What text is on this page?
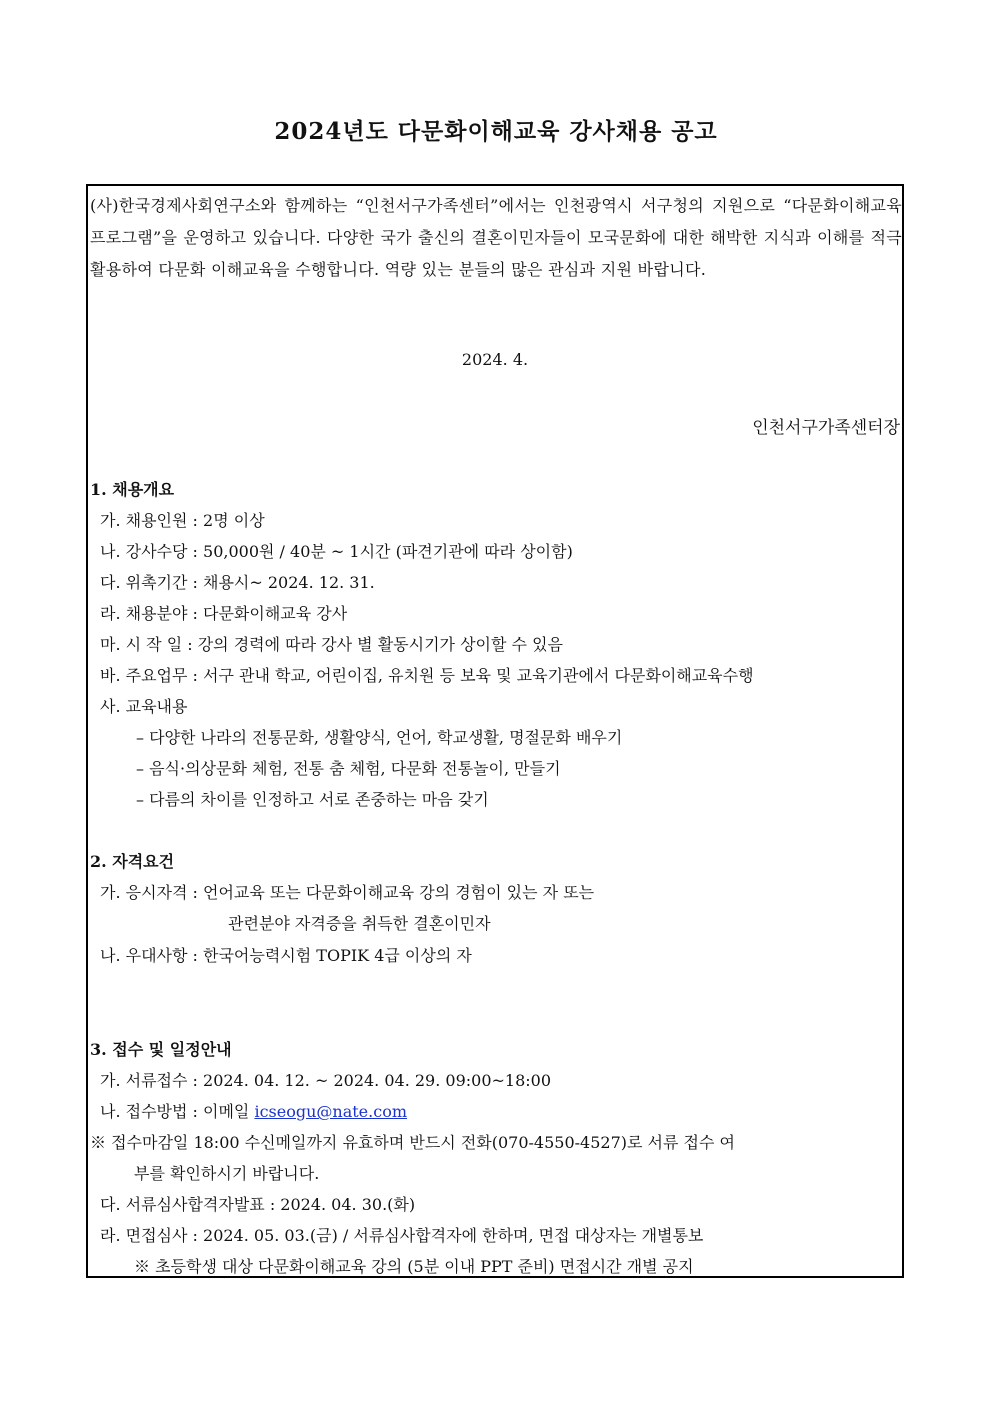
2024년도 다문화이해교육 강사채용 공고

(사)한국경제사회연구소와 함께하는 “인천서구가족센터”에서는 인천광역시 서구청의 지원으로 “다문화이해교육 프로그램”을 운영하고 있습니다. 다양한 국가 출신의 결혼이민자들이 모국문화에 대한 해박한 지식과 이해를 적극 활용하여 다문화 이해교육을 수행합니다. 역량 있는 분들의 많은 관심과 지원 바랍니다.

2024. 4.
인천서구가족센터장
1. 채용개요
가. 채용인원 : 2명 이상
나. 강사수당 : 50,000원 / 40분 ~ 1시간 (파견기관에 따라 상이함)
다. 위촉기간 : 채용시~ 2024. 12. 31.
라. 채용분야 : 다문화이해교육 강사
마. 시 작 일 : 강의 경력에 따라 강사 별 활동시기가 상이할 수 있음
바. 주요업무 : 서구 관내 학교, 어린이집, 유치원 등 보육 및 교육기관에서 다문화이해교육수행
사. 교육내용
– 다양한 나라의 전통문화, 생활양식, 언어, 학교생활, 명절문화 배우기
– 음식·의상문화 체험, 전통 춤 체험, 다문화 전통놀이, 만들기
– 다름의 차이를 인정하고 서로 존중하는 마음 갖기
2. 자격요건
가. 응시자격 : 언어교육 또는 다문화이해교육 강의 경험이 있는 자 또는
관련분야 자격증을 취득한 결혼이민자
나. 우대사항 : 한국어능력시험 TOPIK 4급 이상의 자
3. 접수 및 일정안내
가. 서류접수 : 2024. 04. 12. ~ 2024. 04. 29. 09:00~18:00
나. 접수방법 : 이메일 icseogu@nate.com
※ 접수마감일 18:00 수신메일까지 유효하며 반드시 전화(070-4550-4527)로 서류 접수 여
부를 확인하시기 바랍니다.
다. 서류심사합격자발표 : 2024. 04. 30.(화)
라. 면접심사 : 2024. 05. 03.(금) / 서류심사합격자에 한하며, 면접 대상자는 개별통보
※ 초등학생 대상 다문화이해교육 강의 (5분 이내 PPT 준비) 면접시간 개별 공지
